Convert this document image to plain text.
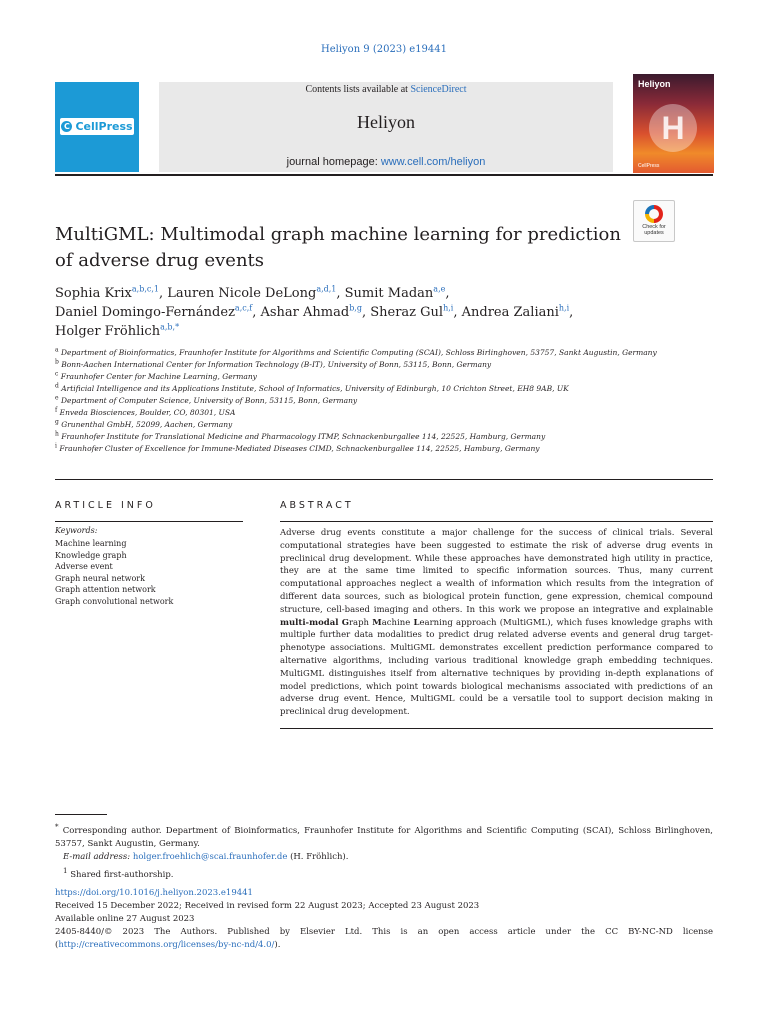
Heliyon 9 (2023) e19441
C CellPress
Contents lists available at ScienceDirect
Heliyon
journal homepage: www.cell.com/heliyon
Heliyon
H
CellPress
Check for updates
MultiGML: Multimodal graph machine learning for prediction of adverse drug events
Sophia Krix$^{a,b,c,1}$, Lauren Nicole DeLong$^{a,d,1}$, Sumit Madan$^{a,e}$,
Daniel Domingo-Fernández$^{a,c,f}$, Ashar Ahmad$^{b,g}$, Sheraz Gul$^{h,i}$, Andrea Zaliani$^{h,i}$,
Holger Fröhlich$^{a,b,*}$
$^a$ Department of Bioinformatics, Fraunhofer Institute for Algorithms and Scientific Computing (SCAI), Schloss Birlinghoven, 53757, Sankt Augustin, Germany
$^b$ Bonn-Aachen International Center for Information Technology (B-IT), University of Bonn, 53115, Bonn, Germany
$^c$ Fraunhofer Center for Machine Learning, Germany
$^d$ Artificial Intelligence and its Applications Institute, School of Informatics, University of Edinburgh, 10 Crichton Street, EH8 9AB, UK
$^e$ Department of Computer Science, University of Bonn, 53115, Bonn, Germany
$^f$ Enveda Biosciences, Boulder, CO, 80301, USA
$^g$ Grunenthal GmbH, 52099, Aachen, Germany
$^h$ Fraunhofer Institute for Translational Medicine and Pharmacology ITMP, Schnackenburgallee 114, 22525, Hamburg, Germany
$^i$ Fraunhofer Cluster of Excellence for Immune-Mediated Diseases CIMD, Schnackenburgallee 114, 22525, Hamburg, Germany
ARTICLE INFO	ABSTRACT
Keywords:
Machine learning
Knowledge graph
Adverse event
Graph neural network
Graph attention network
Graph convolutional network
Adverse drug events constitute a major challenge for the success of clinical trials. Several computational strategies have been suggested to estimate the risk of adverse drug events in preclinical drug development. While these approaches have demonstrated high utility in practice, they are at the same time limited to specific information sources. Thus, many current computational approaches neglect a wealth of information which results from the integration of different data sources, such as biological protein function, gene expression, chemical compound structure, cell-based imaging and others. In this work we propose an integrative and explainable multi-modal Graph Machine Learning approach (MultiGML), which fuses knowledge graphs with multiple further data modalities to predict drug related adverse events and general drug target-phenotype associations. MultiGML demonstrates excellent prediction performance compared to alternative algorithms, including various traditional knowledge graph embedding techniques. MultiGML distinguishes itself from alternative techniques by providing in-depth explanations of model predictions, which point towards biological mechanisms associated with predictions of an adverse drug event. Hence, MultiGML could be a versatile tool to support decision making in preclinical drug development.
* Corresponding author. Department of Bioinformatics, Fraunhofer Institute for Algorithms and Scientific Computing (SCAI), Schloss Birlinghoven, 53757, Sankt Augustin, Germany.
E-mail address: holger.froehlich@scai.fraunhofer.de (H. Fröhlich).
$^1$ Shared first-authorship.
https://doi.org/10.1016/j.heliyon.2023.e19441
Received 15 December 2022; Received in revised form 22 August 2023; Accepted 23 August 2023
Available online 27 August 2023
2405-8440/© 2023 The Authors. Published by Elsevier Ltd. This is an open access article under the CC BY-NC-ND license (http://creativecommons.org/licenses/by-nc-nd/4.0/).
